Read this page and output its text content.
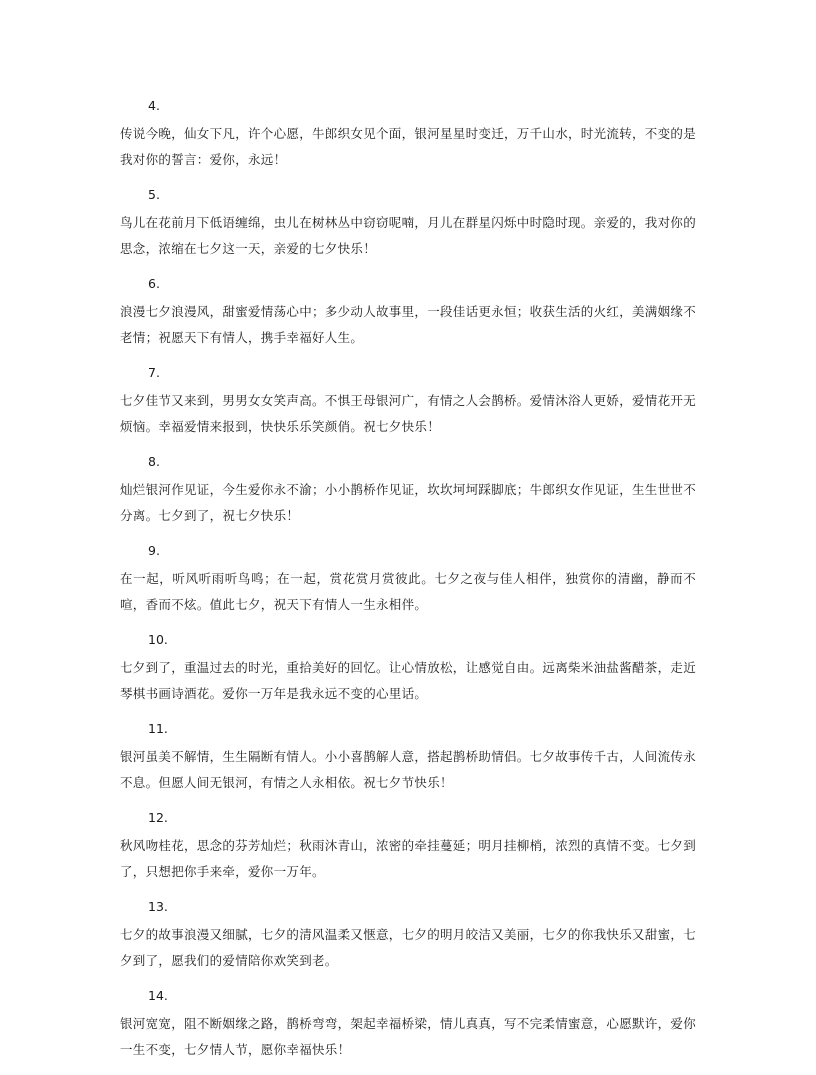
4.
传说今晚，仙女下凡，许个心愿，牛郎织女见个面，银河星星时变迁，万千山水，时光流转，不变的是我对你的誓言：爱你，永远！
5.
鸟儿在花前月下低语缠绵，虫儿在树林丛中窃窃呢喃，月儿在群星闪烁中时隐时现。亲爱的，我对你的思念，浓缩在七夕这一天，亲爱的七夕快乐！
6.
浪漫七夕浪漫风，甜蜜爱情荡心中；多少动人故事里，一段佳话更永恒；收获生活的火红，美满姻缘不老情；祝愿天下有情人，携手幸福好人生。
7.
七夕佳节又来到，男男女女笑声高。不惧王母银河广，有情之人会鹊桥。爱情沐浴人更娇，爱情花开无烦恼。幸福爱情来报到，快快乐乐笑颜俏。祝七夕快乐！
8.
灿烂银河作见证，今生爱你永不渝；小小鹊桥作见证，坎坎坷坷踩脚底；牛郎织女作见证，生生世世不分离。七夕到了，祝七夕快乐！
9.
在一起，听风听雨听鸟鸣；在一起，赏花赏月赏彼此。七夕之夜与佳人相伴，独赏你的清幽，静而不喧，香而不炫。值此七夕，祝天下有情人一生永相伴。
10.
七夕到了，重温过去的时光，重拾美好的回忆。让心情放松，让感觉自由。远离柴米油盐酱醋茶，走近琴棋书画诗酒花。爱你一万年是我永远不变的心里话。
11.
银河虽美不解情，生生隔断有情人。小小喜鹊解人意，搭起鹊桥助情侣。七夕故事传千古，人间流传永不息。但愿人间无银河，有情之人永相依。祝七夕节快乐！
12.
秋风吻桂花，思念的芬芳灿烂；秋雨沐青山，浓密的牵挂蔓延；明月挂柳梢，浓烈的真情不变。七夕到了，只想把你手来牵，爱你一万年。
13.
七夕的故事浪漫又细腻，七夕的清风温柔又惬意，七夕的明月皎洁又美丽，七夕的你我快乐又甜蜜，七夕到了，愿我们的爱情陪你欢笑到老。
14.
银河宽宽，阻不断姻缘之路，鹊桥弯弯，架起幸福桥梁，情儿真真，写不完柔情蜜意，心愿默许，爱你一生不变，七夕情人节，愿你幸福快乐！
